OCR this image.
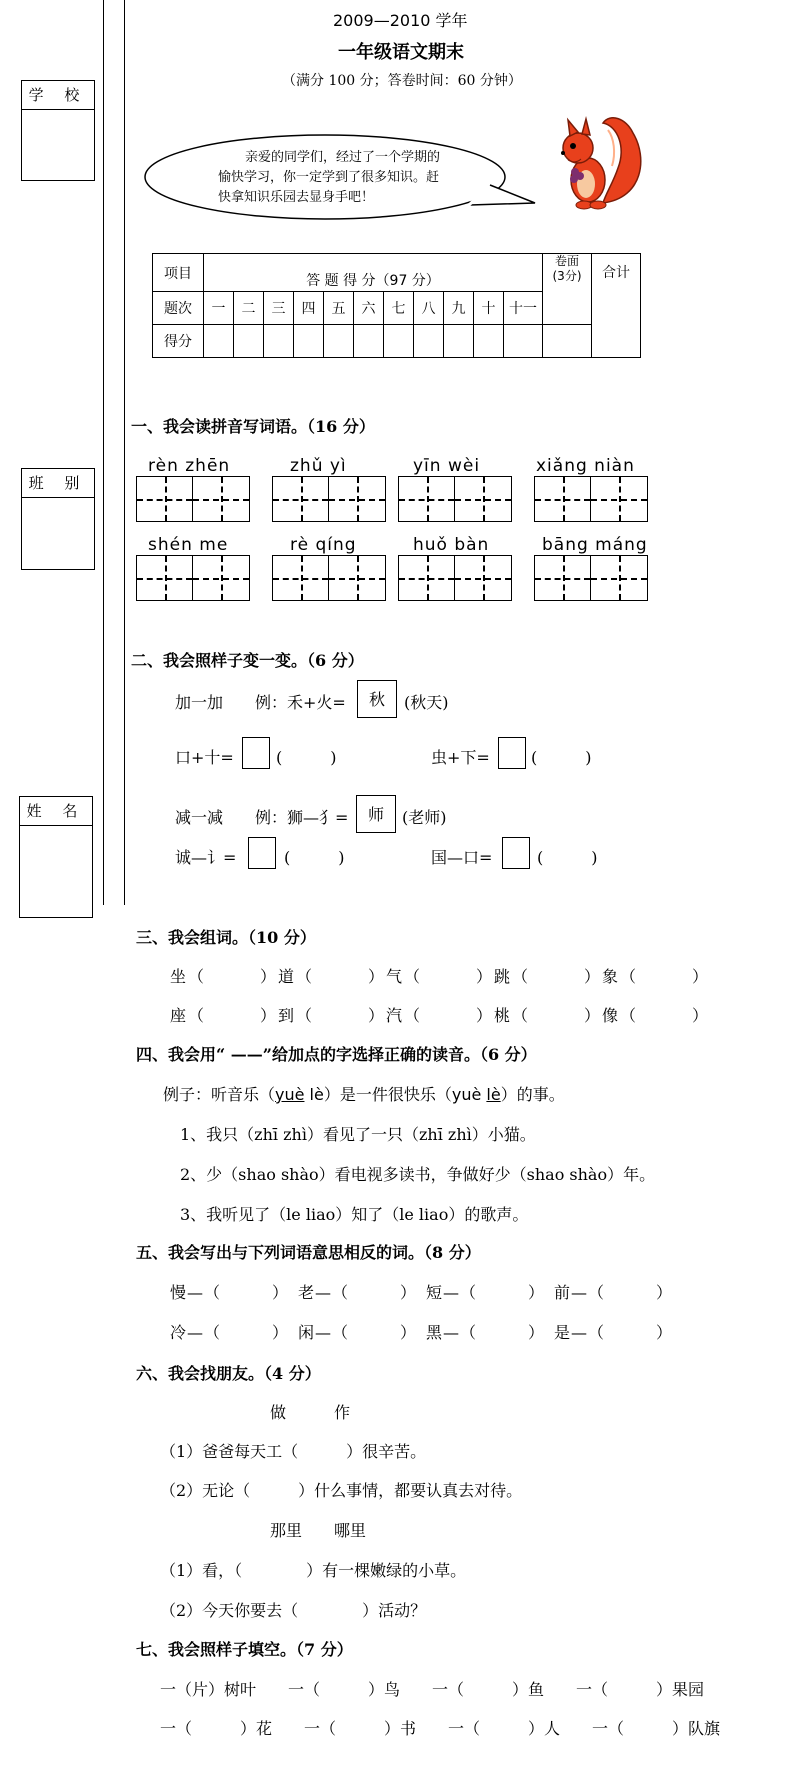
学 校
班 别
姓 名
2009—2010 学年
一年级语文期末
（满分 100 分；答卷时间：60 分钟）
亲爱的同学们，经过了一个学期的
愉快学习，你一定学到了很多知识。赶
快拿知识乐园去显身手吧！
项目	答 题 得 分（97 分）											卷面
(3分)	合计
题次	一	二	三	四	五	六	七	八	九	十	十一		
得分													
一、我会读拼音写词语。（16 分）
rèn zhēn	zhǔ yì	yīn wèi	xiǎng niàn
shén me	rè qíng	huǒ bàn	bāng máng
二、我会照样子变一变。（6 分）
加一加 例：禾+火=	秋	(秋天)
口+十=	(　　　)	虫+下=	(　　　)
减一减 例：狮—犭=	师	(老师)
诚—讠=	(　　　)	国—口=	(　　　)
三、我会组词。（10 分）
坐（　　　）道（　　　）气（　　　）跳（　　　）象（　　　）
座（　　　）到（　　　）汽（　　　）桃（　　　）像（　　　）
四、我会用“ ——”给加点的字选择正确的读音。（6 分）
例子：听音乐（yuè lè）是一件很快乐（yuè lè）的事。
1、我只（zhī zhì）看见了一只（zhī zhì）小猫。
2、少（shao shào）看电视多读书，争做好少（shao shào）年。
3、我听见了（le liao）知了（le liao）的歌声。
五、我会写出与下列词语意思相反的词。（8 分）
慢—（　　　）　老—（　　　）　短—（　　　）　前—（　　　）
冷—（　　　）　闲—（　　　）　黑—（　　　）　是—（　　　）
六、我会找朋友。（4 分）
做　　　作
（1）爸爸每天工（　　　）很辛苦。
（2）无论（　　　）什么事情，都要认真去对待。
那里　　哪里
（1）看，（　　　　）有一棵嫩绿的小草。
（2）今天你要去（　　　　）活动？
七、我会照样子填空。（7 分）
一（片）树叶　　一（　　　）鸟　　一（　　　）鱼　　一（　　　）果园
一（　　　）花　　一（　　　）书　　一（　　　）人　　一（　　　）队旗
